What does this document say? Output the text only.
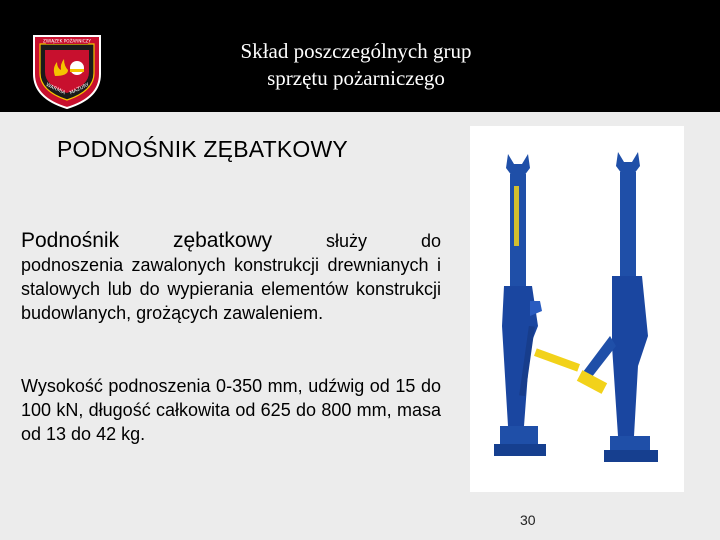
ZWIĄZEK POŻARNICZY
WARMIA MAZURY
Skład poszczególnych grup
sprzętu pożarniczego
PODNOŚNIK ZĘBATKOWY
Podnośnik	zębatkowy	służy	do
podnoszenia zawalonych konstrukcji drewnianych i stalowych lub do wypierania elementów konstrukcji budowlanych, grożących zawaleniem.
Wysokość podnoszenia 0-350 mm, udźwig od 15 do 100 kN, długość całkowita od 625 do 800 mm, masa od 13 do 42 kg.
30
